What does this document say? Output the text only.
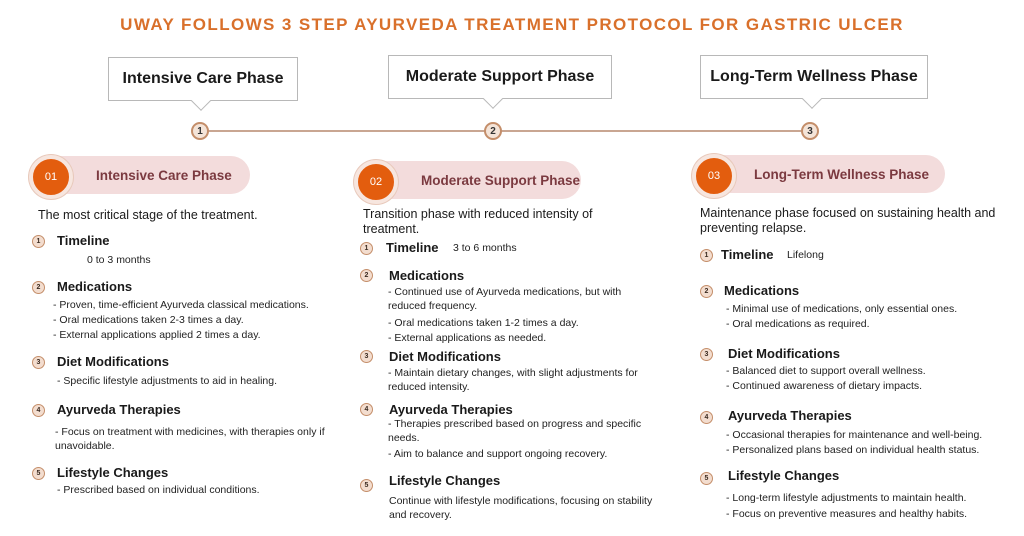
UWAY FOLLOWS 3 STEP AYURVEDA TREATMENT PROTOCOL FOR GASTRIC ULCER
Intensive Care Phase	Moderate Support Phase	Long-Term Wellness Phase
1	2	3
Intensive Care Phase
01
The most critical stage of the treatment.
1	Timeline
0 to 3 months
2	Medications
- Proven, time-efficient Ayurveda classical medications.
- Oral medications taken 2-3 times a day.
- External applications applied 2 times a day.
3	Diet Modifications
- Specific lifestyle adjustments to aid in healing.
4	Ayurveda Therapies
- Focus on treatment with medicines, with therapies only if unavoidable.
5	Lifestyle Changes
- Prescribed based on individual conditions.
Moderate Support Phase
02
Transition phase with reduced intensity of treatment.
1	Timeline 3 to 6 months
2	Medications
- Continued use of Ayurveda medications, but with reduced frequency.
- Oral medications taken 1-2 times a day.
- External applications as needed.
3	Diet Modifications
- Maintain dietary changes, with slight adjustments for reduced intensity.
4	Ayurveda Therapies
- Therapies prescribed based on progress and specific needs.
- Aim to balance and support ongoing recovery.
5	Lifestyle Changes
Continue with lifestyle modifications, focusing on stability and recovery.
Long-Term Wellness Phase
03
Maintenance phase focused on sustaining health and preventing relapse.
1 Timeline Lifelong
2	Medications
- Minimal use of medications, only essential ones.
- Oral medications as required.
3	Diet Modifications
- Balanced diet to support overall wellness.
- Continued awareness of dietary impacts.
4	Ayurveda Therapies
- Occasional therapies for maintenance and well-being.
- Personalized plans based on individual health status.
5	Lifestyle Changes
- Long-term lifestyle adjustments to maintain health.
- Focus on preventive measures and healthy habits.
